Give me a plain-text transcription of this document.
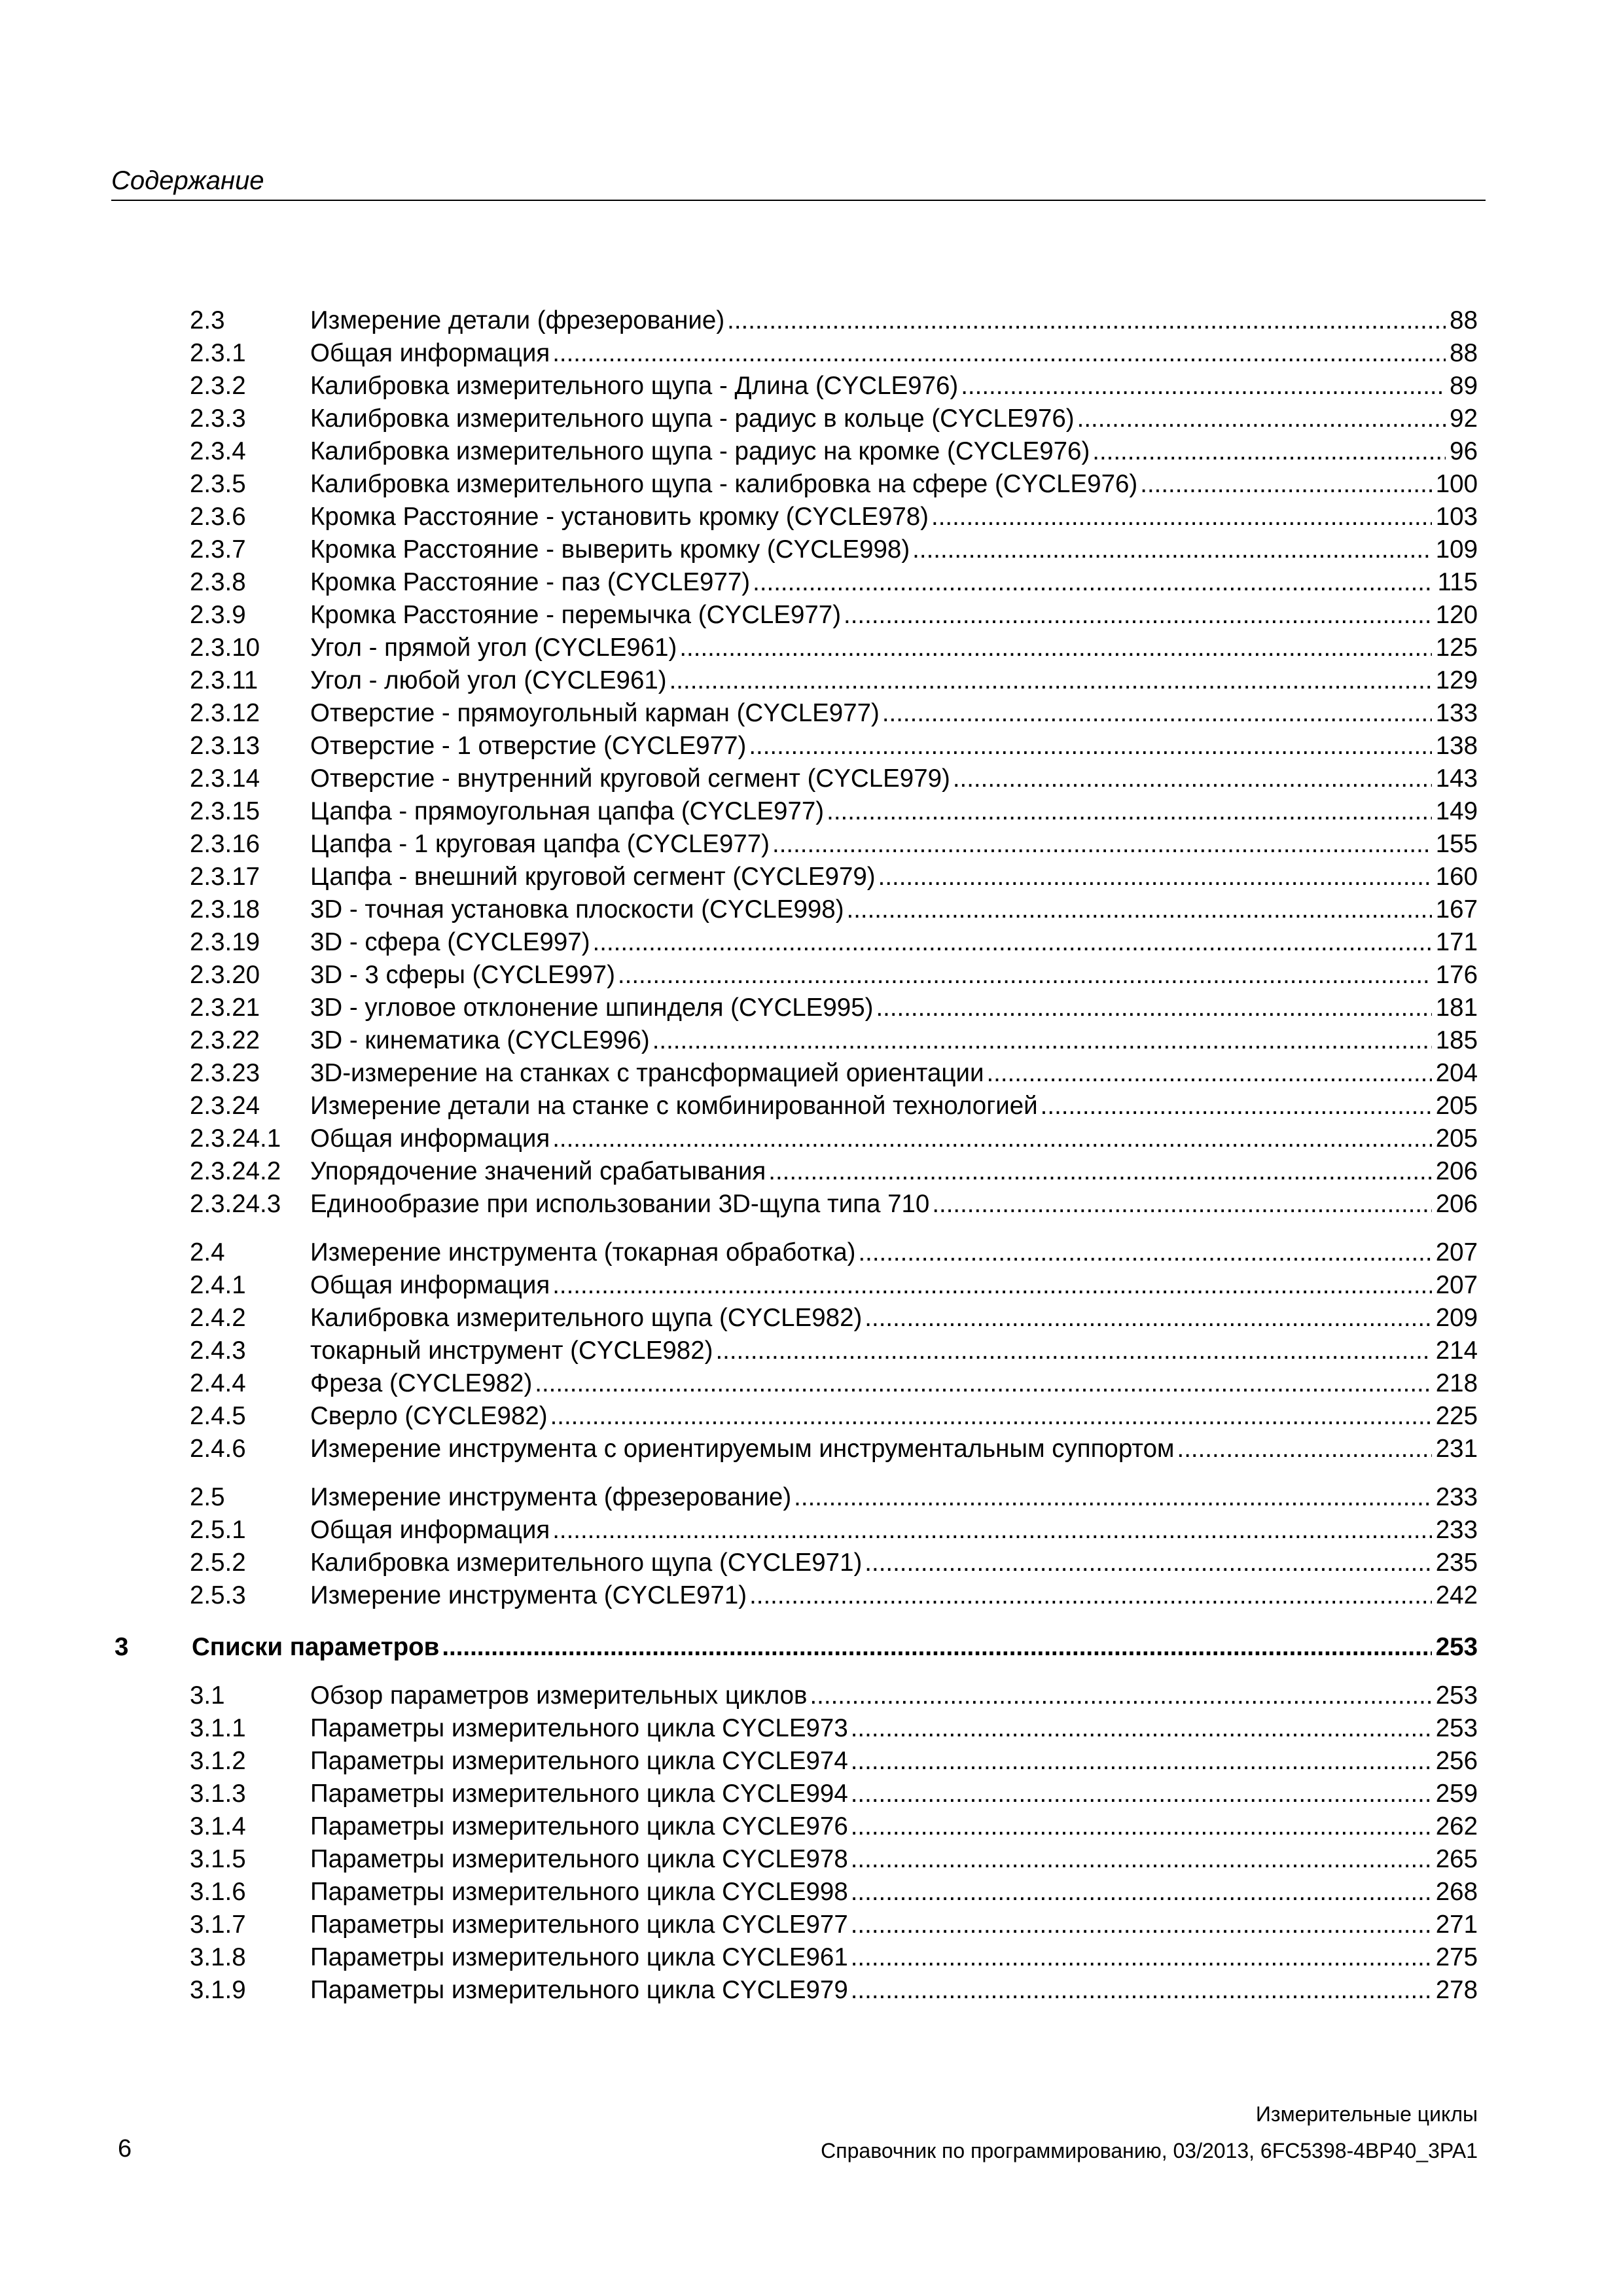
Содержание
2.3	Измерение детали (фрезерование) .....	88
2.3.1	Общая информация .....	88
2.3.2	Калибровка измерительного щупа - Длина (CYCLE976) .....	89
2.3.3	Калибровка измерительного щупа - радиус в кольце (CYCLE976) .....	92
2.3.4	Калибровка измерительного щупа - радиус на кромке (CYCLE976) .....	96
2.3.5	Калибровка измерительного щупа - калибровка на сфере (CYCLE976) .....	100
2.3.6	Кромка Расстояние - установить кромку (CYCLE978) .....	103
2.3.7	Кромка Расстояние - выверить кромку (CYCLE998) .....	109
2.3.8	Кромка Расстояние - паз (CYCLE977) .....	115
2.3.9	Кромка Расстояние - перемычка (CYCLE977) .....	120
2.3.10 Угол - прямой угол (CYCLE961) .....	125
2.3.11 Угол - любой угол (CYCLE961) .....	129
2.3.12 Отверстие - прямоугольный карман (CYCLE977) .....	133
2.3.13 Отверстие - 1 отверстие (CYCLE977) .....	138
2.3.14 Отверстие - внутренний круговой сегмент (CYCLE979) .....	143
2.3.15 Цапфа - прямоугольная цапфа (CYCLE977) .....	149
2.3.16 Цапфа - 1 круговая цапфа (CYCLE977) .....	155
2.3.17 Цапфа - внешний круговой сегмент (CYCLE979) .....	160
2.3.18 3D - точная установка плоскости (CYCLE998) .....	167
2.3.19 3D - сфера (CYCLE997) .....	171
2.3.20 3D - 3 сферы (CYCLE997) .....	176
2.3.21 3D - угловое отклонение шпинделя (CYCLE995) .....	181
2.3.22 3D - кинематика (CYCLE996) .....	185
2.3.23 3D-измерение на станках с трансформацией ориентации .....	204
2.3.24 Измерение детали на станке с комбинированной технологией .....	205
2.3.24.1 Общая информация .....	205
2.3.24.2 Упорядочение значений срабатывания .....	206
2.3.24.3 Единообразие при использовании 3D-щупа типа 710 .....	206
2.4	Измерение инструмента (токарная обработка) .....	207
2.4.1	Общая информация .....	207
2.4.2	Калибровка измерительного щупа (CYCLE982) .....	209
2.4.3	токарный инструмент (CYCLE982) .....	214
2.4.4	Фреза (CYCLE982) .....	218
2.4.5	Сверло (CYCLE982) .....	225
2.4.6	Измерение инструмента с ориентируемым инструментальным суппортом .....	231
2.5	Измерение инструмента (фрезерование) .....	233
2.5.1	Общая информация .....	233
2.5.2	Калибровка измерительного щупа (CYCLE971) .....	235
2.5.3	Измерение инструмента (CYCLE971) .....	242
3	Списки параметров .....	253
3.1	Обзор параметров измерительных циклов .....	253
3.1.1	Параметры измерительного цикла CYCLE973 .....	253
3.1.2	Параметры измерительного цикла CYCLE974 .....	256
3.1.3	Параметры измерительного цикла CYCLE994 .....	259
3.1.4	Параметры измерительного цикла CYCLE976 .....	262
3.1.5	Параметры измерительного цикла CYCLE978 .....	265
3.1.6	Параметры измерительного цикла CYCLE998 .....	268
3.1.7	Параметры измерительного цикла CYCLE977 .....	271
3.1.8	Параметры измерительного цикла CYCLE961 .....	275
3.1.9	Параметры измерительного цикла CYCLE979 .....	278
Измерительные циклы
6	Справочник по программированию, 03/2013, 6FC5398-4BP40_3PA1
